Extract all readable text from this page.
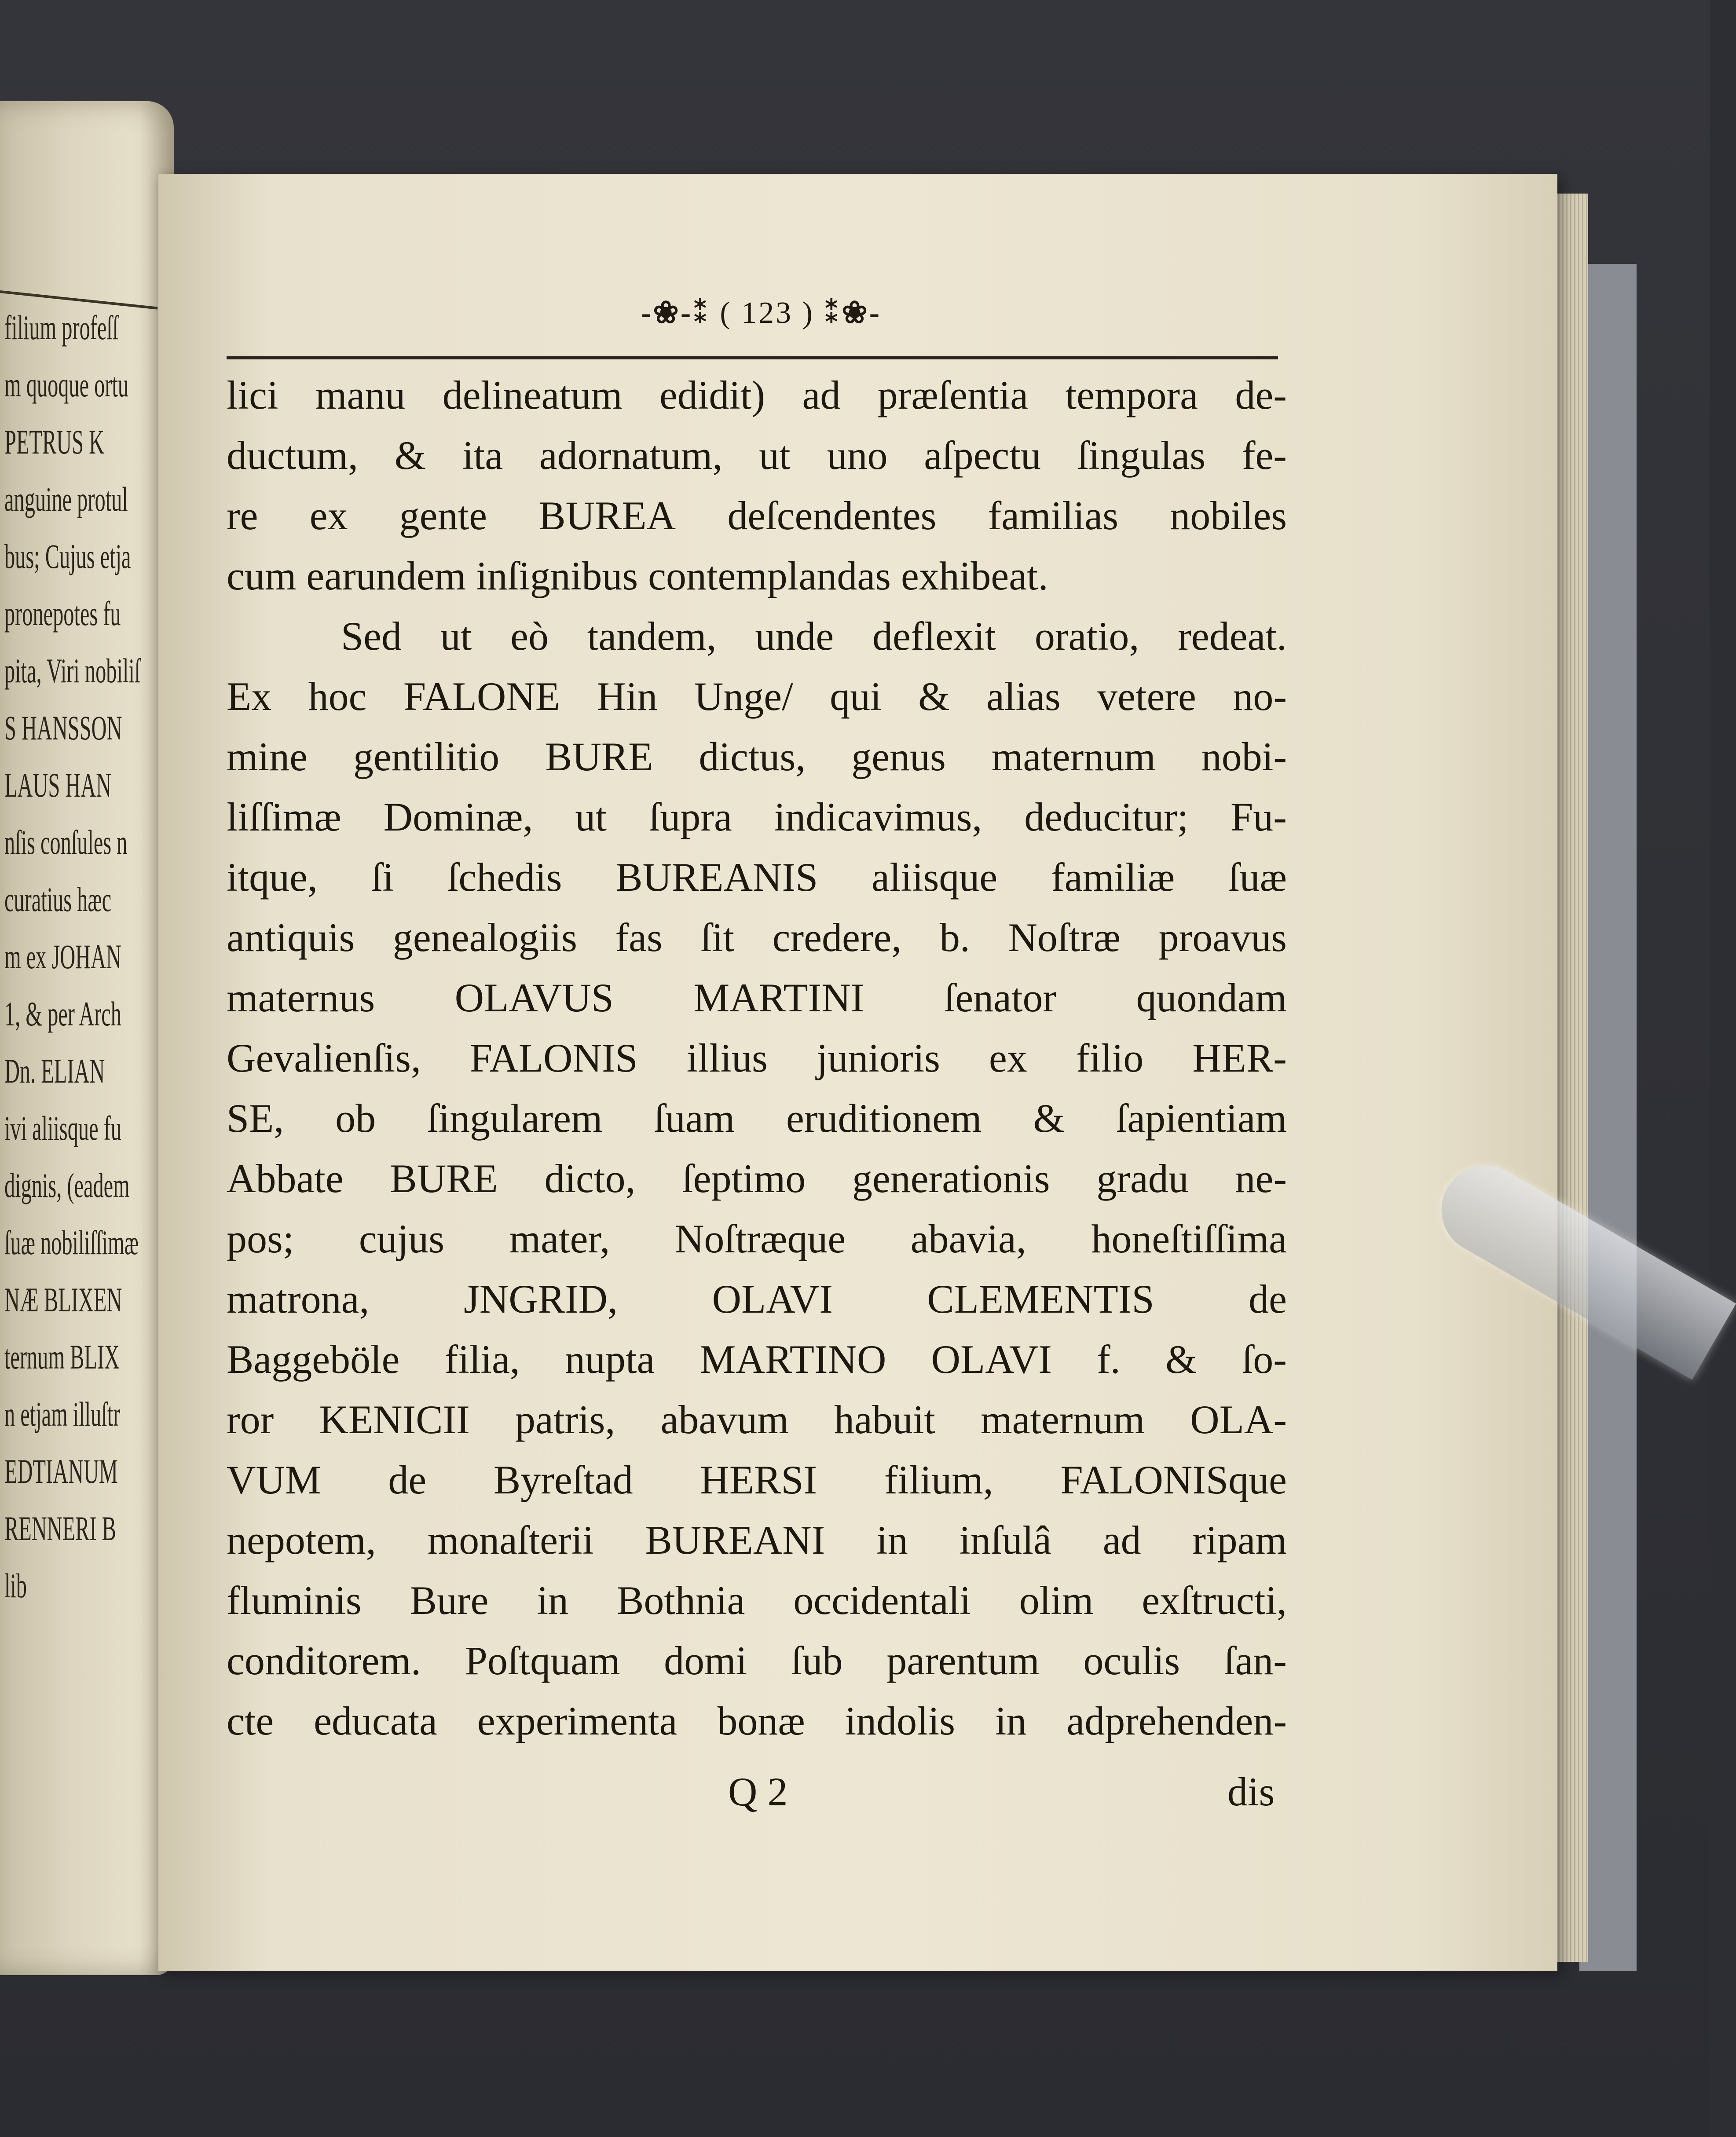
filium profeſſ
m quoque ortu
PETRUS K
anguine protul
bus; Cujus etja
pronepotes fu
pita, Viri nobiliſ
S HANSSON
LAUS HAN
nſis conſules n
curatius hæc
m ex JOHAN
1, & per Arch
Dn. ELIAN
ivi aliisque fu
dignis, (eadem
ſuæ nobiliſſimæ
NÆ BLIXEN
ternum BLIX
n etjam illuſtr
EDTIANUM
RENNERI B
lib
-❀-⁑ ( 123 ) ⁑❀-
lici manu delineatum edidit) ad præſentia tempora de-
ductum, & ita adornatum, ut uno aſpectu ſingulas fe-
re ex gente BUREA deſcendentes familias nobiles
cum earundem inſignibus contemplandas exhibeat.
Sed ut eò tandem, unde deflexit oratio, redeat.
Ex hoc FALONE Hin Unge/ qui & alias vetere no-
mine gentilitio BURE dictus, genus maternum nobi-
liſſimæ Dominæ, ut ſupra indicavimus, deducitur; Fu-
itque, ſi ſchedis BUREANIS aliisque familiæ ſuæ
antiquis genealogiis fas ſit credere, b. Noſtræ proavus
maternus OLAVUS MARTINI ſenator quondam
Gevalienſis, FALONIS illius junioris ex filio HER-
SE, ob ſingularem ſuam eruditionem & ſapientiam
Abbate BURE dicto, ſeptimo generationis gradu ne-
pos; cujus mater, Noſtræque abavia, honeſtiſſima
matrona, JNGRID, OLAVI CLEMENTIS de
Baggeböle filia, nupta MARTINO OLAVI f. & ſo-
ror KENICII patris, abavum habuit maternum OLA-
VUM de Byreſtad HERSI filium, FALONISque
nepotem, monaſterii BUREANI in inſulâ ad ripam
fluminis Bure in Bothnia occidentali olim exſtructi,
conditorem. Poſtquam domi ſub parentum oculis ſan-
cte educata experimenta bonæ indolis in adprehenden-
Q 2	dis
